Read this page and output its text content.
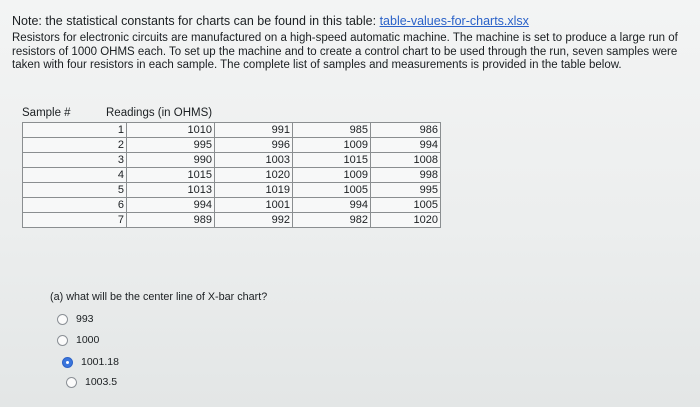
Note: the statistical constants for charts can be found in this table: table-values-for-charts.xlsx
Resistors for electronic circuits are manufactured on a high-speed automatic machine. The machine is set to produce a large run of resistors of 1000 OHMS each. To set up the machine and to create a control chart to be used through the run, seven samples were taken with four resistors in each sample. The complete list of samples and measurements is provided in the table below.
Sample #	Readings (in OHMS)
1	1010	991	985	986
2	995	996	1009	994
3	990	1003	1015	1008
4	1015	1020	1009	998
5	1013	1019	1005	995
6	994	1001	994	1005
7	989	992	982	1020
(a) what will be the center line of X-bar chart?
993
1000
1001.18
1003.5
